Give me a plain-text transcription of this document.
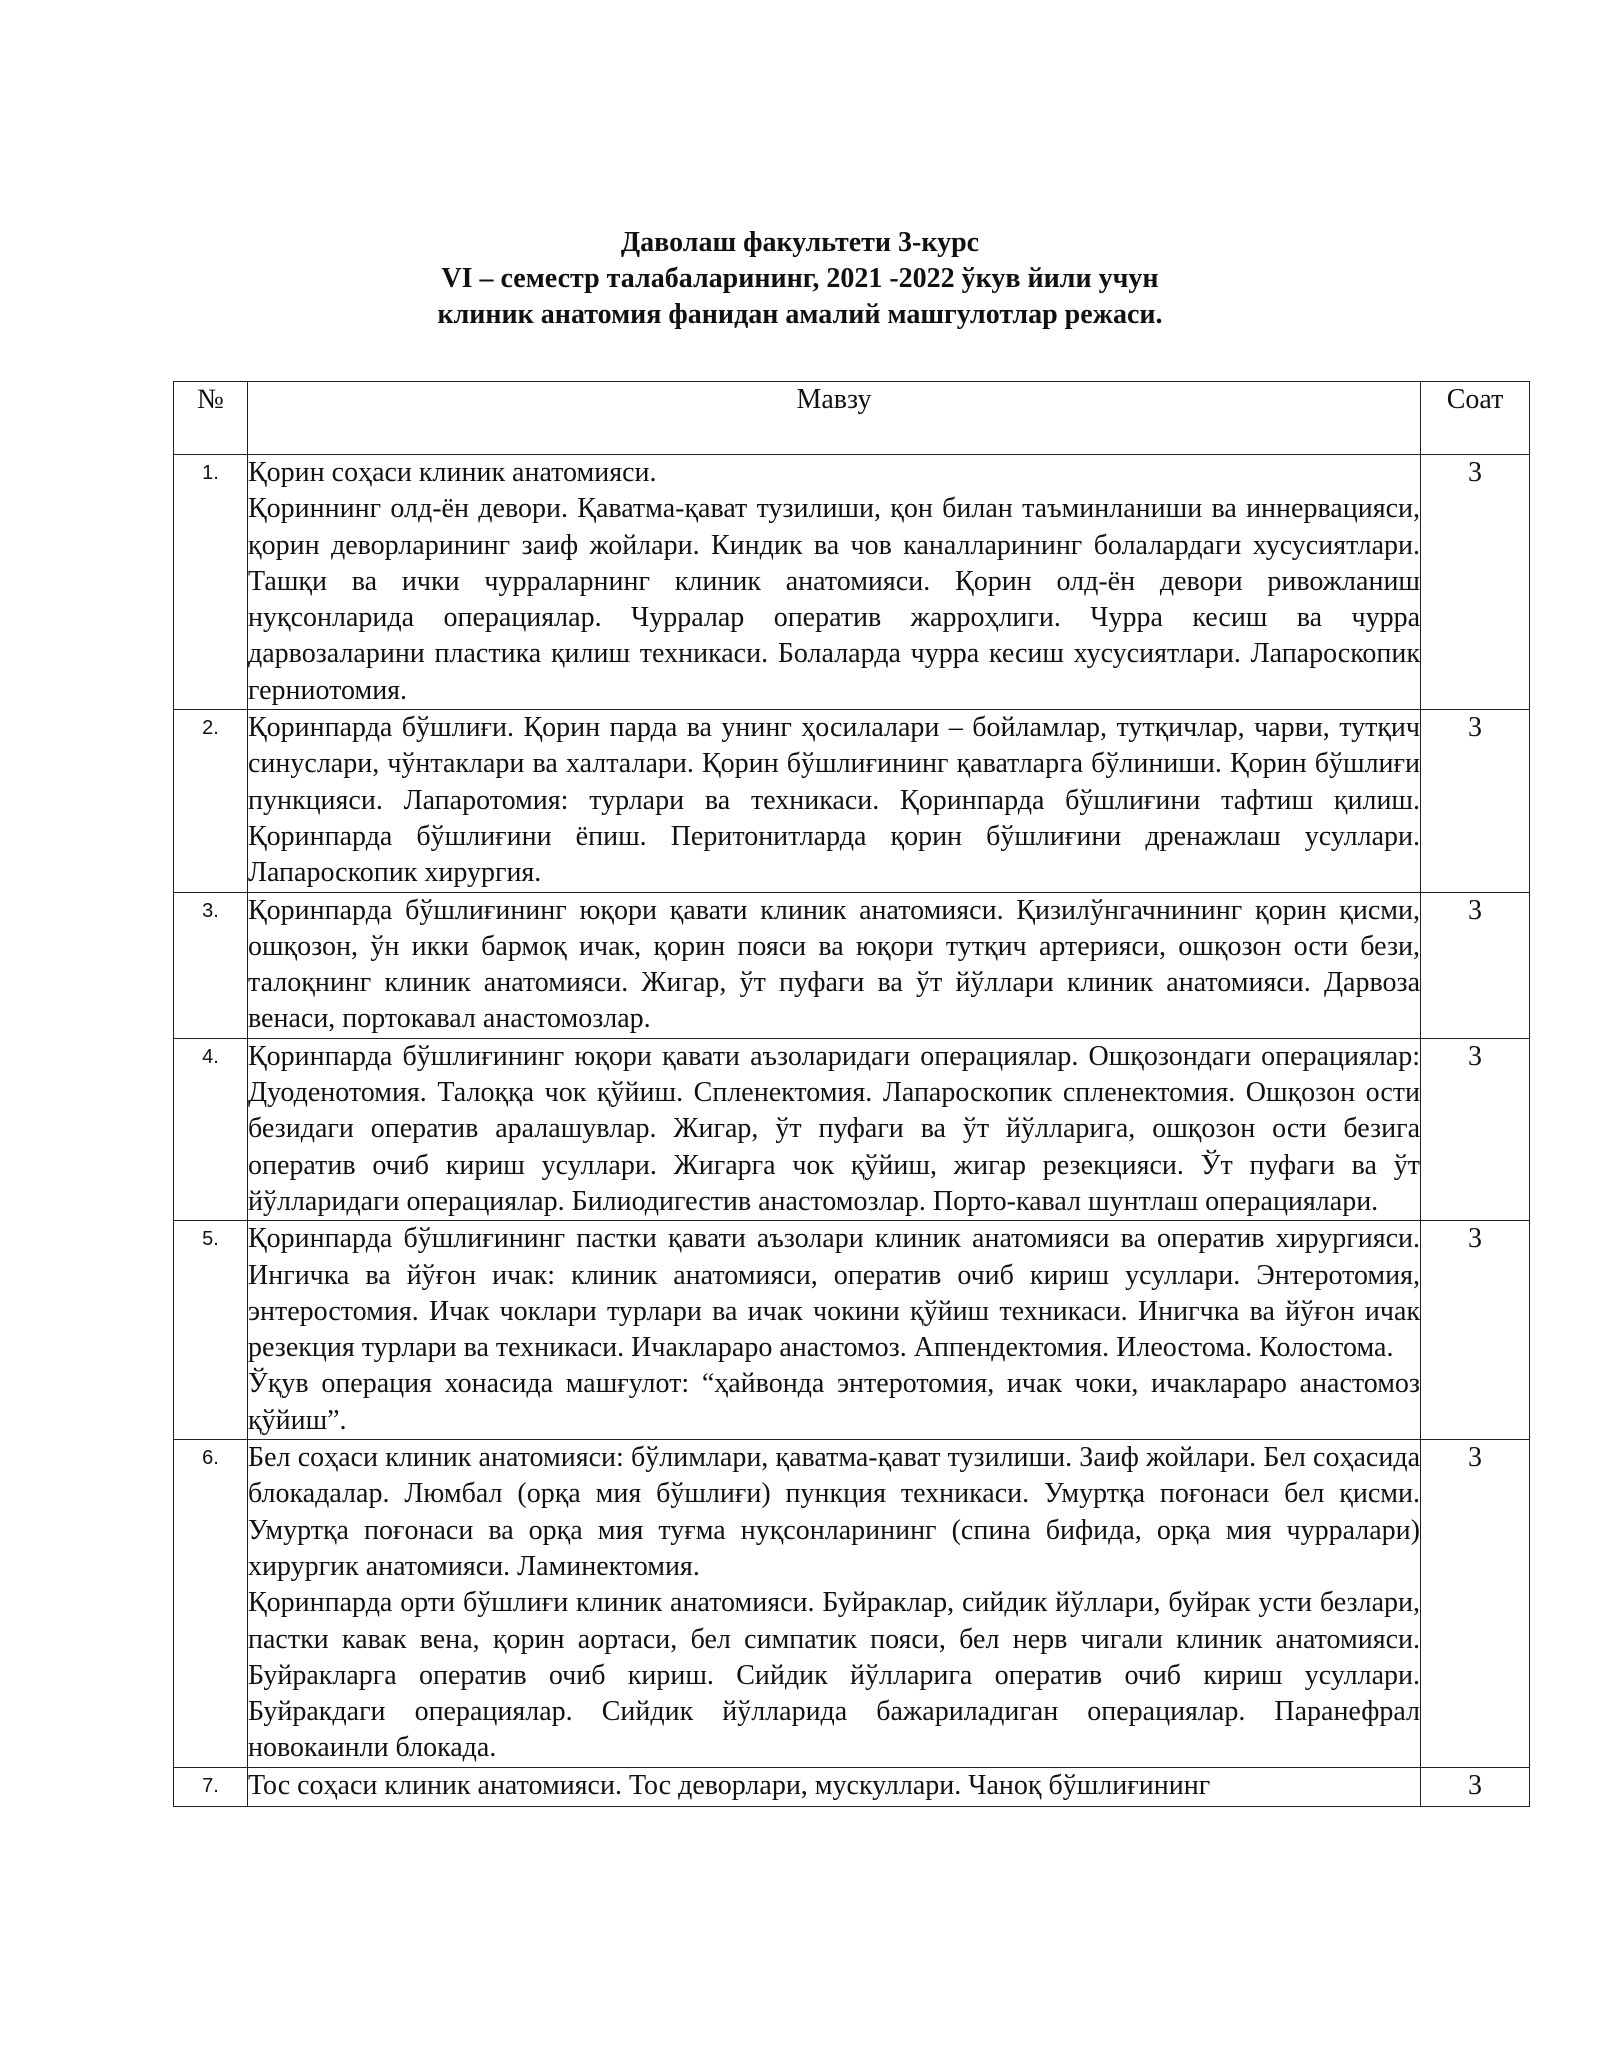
Даволаш факультети 3-курс
VI – семестр талабаларининг, 2021 -2022 ўкув йили учун
клиник анатомия фанидан амалий машгулотлар режаси.
№	Мавзу	Соат
1.	Қорин соҳаси клиник анатомияси.

Қориннинг олд-ён девори. Қаватма-қават тузилиши, қон билан таъминланиши ва иннервацияси, қорин деворларининг заиф жойлари. Киндик ва чов каналларининг болалардаги хусусиятлари. Ташқи ва ички чурраларнинг клиник анатомияси. Қорин олд-ён девори ривожланиш нуқсонларида операциялар. Чурралар оператив жарроҳлиги. Чурра кесиш ва чурра дарвозаларини пластика қилиш техникаси. Болаларда чурра кесиш хусусиятлари. Лапароскопик герниотомия.	3
2.	Қоринпарда бўшлиғи. Қорин парда ва унинг ҳосилалари – бойламлар, тутқичлар, чарви, тутқич синуслари, чўнтаклари ва халталари. Қорин бўшлиғининг қаватларга бўлиниши. Қорин бўшлиғи пункцияси. Лапаротомия: турлари ва техникаси. Қоринпарда бўшлиғини тафтиш қилиш. Қоринпарда бўшлиғини ёпиш. Перитонитларда қорин бўшлиғини дренажлаш усуллари. Лапароскопик хирургия.	3
3.	Қоринпарда бўшлиғининг юқори қавати клиник анатомияси. Қизилўнгачнининг қорин қисми, ошқозон, ўн икки бармоқ ичак, қорин пояси ва юқори тутқич артерияси, ошқозон ости бези, талоқнинг клиник анатомияси. Жигар, ўт пуфаги ва ўт йўллари клиник анатомияси. Дарвоза венаси, портокавал анастомозлар.	3
4.	Қоринпарда бўшлиғининг юқори қавати аъзоларидаги операциялар. Ошқозондаги операциялар: Дуоденотомия. Талоққа чок қўйиш. Спленектомия. Лапароскопик спленектомия. Ошқозон ости безидаги оператив аралашувлар. Жигар, ўт пуфаги ва ўт йўлларига, ошқозон ости безига оператив очиб кириш усуллари. Жигарга чок қўйиш, жигар резекцияси. Ўт пуфаги ва ўт йўлларидаги операциялар. Билиодигестив анастомозлар. Порто-кавал шунтлаш операциялари.	3
5.	Қоринпарда бўшлиғининг пастки қавати аъзолари клиник анатомияси ва оператив хирургияси. Ингичка ва йўғон ичак: клиник анатомияси, оператив очиб кириш усуллари. Энтеротомия, энтеростомия. Ичак чоклари турлари ва ичак чокини қўйиш техникаси. Инигчка ва йўғон ичак резекция турлари ва техникаси. Ичаклараро анастомоз. Аппендектомия. Илеостома. Колостома.

Ўқув операция хонасида машғулот: “ҳайвонда энтеротомия, ичак чоки, ичаклараро анастомоз қўйиш”.	3
6.	Бел соҳаси клиник анатомияси: бўлимлари, қаватма-қават тузилиши. Заиф жойлари. Бел соҳасида блокадалар. Люмбал (орқа мия бўшлиғи) пункция техникаси. Умуртқа поғонаси бел қисми. Умуртқа поғонаси ва орқа мия туғма нуқсонларининг (спина бифида, орқа мия чурралари) хирургик анатомияси. Ламинектомия.

Қоринпарда орти бўшлиғи клиник анатомияси. Буйраклар, сийдик йўллари, буйрак усти безлари, пастки кавак вена, қорин аортаси, бел симпатик пояси, бел нерв чигали клиник анатомияси. Буйракларга оператив очиб кириш. Сийдик йўлларига оператив очиб кириш усуллари. Буйракдаги операциялар. Сийдик йўлларида бажариладиган операциялар. Паранефрал новокаинли блокада.	3
7.	Тос соҳаси клиник анатомияси. Тос деворлари, мускуллари. Чаноқ бўшлиғининг	3
